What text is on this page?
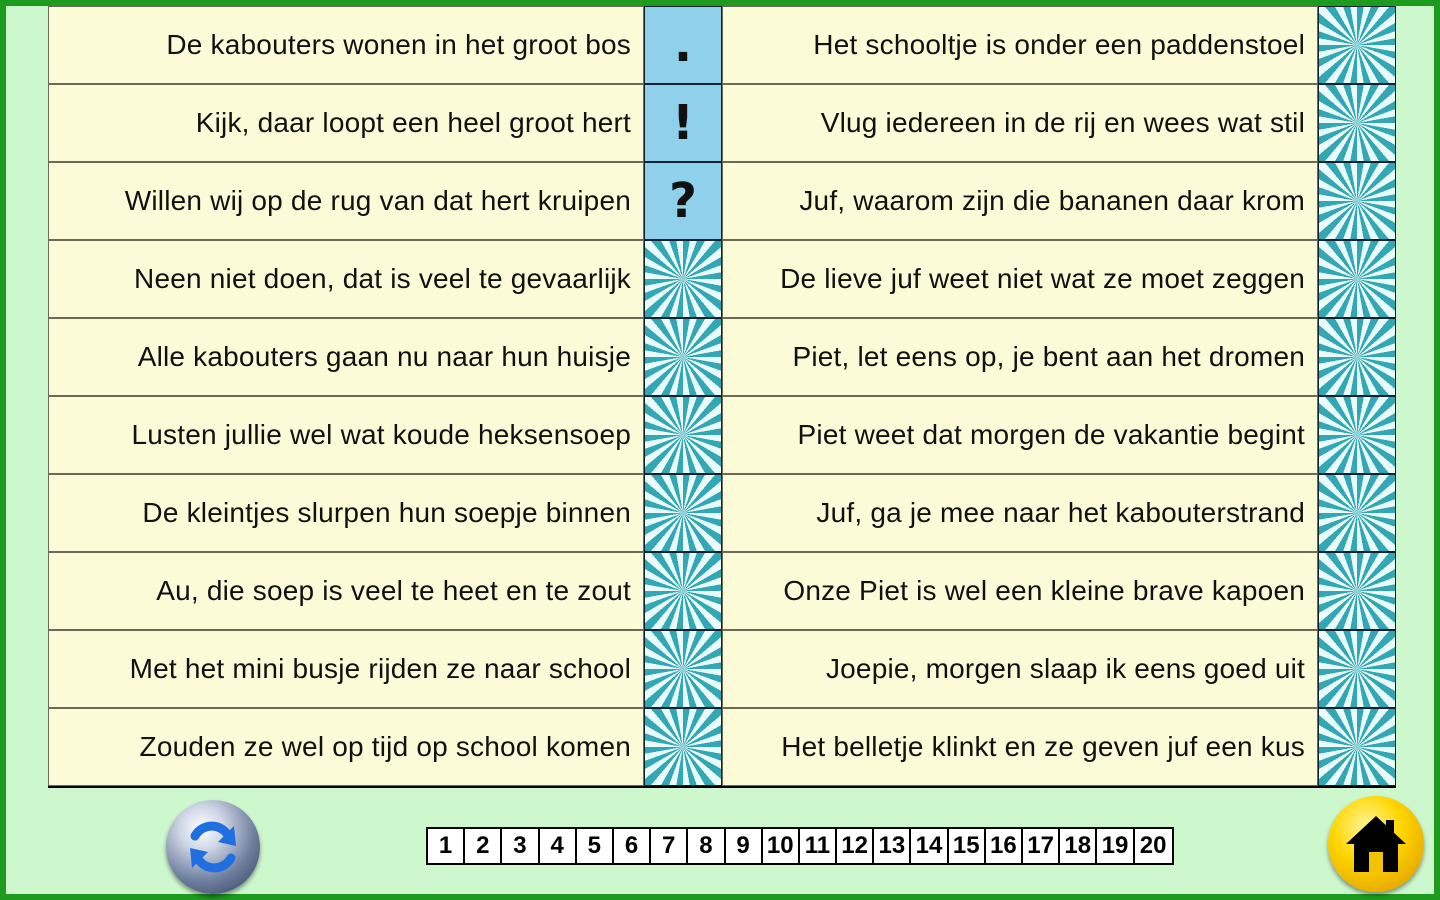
De kabouters wonen in het groot bos .	Het schooltje is onder een paddenstoel
Kijk, daar loopt een heel groot hert !	Vlug iedereen in de rij en wees wat stil
Willen wij op de rug van dat hert kruipen ?	Juf, waarom zijn die bananen daar krom
Neen niet doen, dat is veel te gevaarlijk	De lieve juf weet niet wat ze moet zeggen
Alle kabouters gaan nu naar hun huisje	Piet, let eens op, je bent aan het dromen
Lusten jullie wel wat koude heksensoep	Piet weet dat morgen de vakantie begint
De kleintjes slurpen hun soepje binnen	Juf, ga je mee naar het kabouterstrand
Au, die soep is veel te heet en te zout	Onze Piet is wel een kleine brave kapoen
Met het mini busje rijden ze naar school	Joepie, morgen slaap ik eens goed uit
Zouden ze wel op tijd op school komen	Het belletje klinkt en ze geven juf een kus
1 2 3 4 5 6 7 8 9 10 11 12 13 14 15 16 17 18 19 20
